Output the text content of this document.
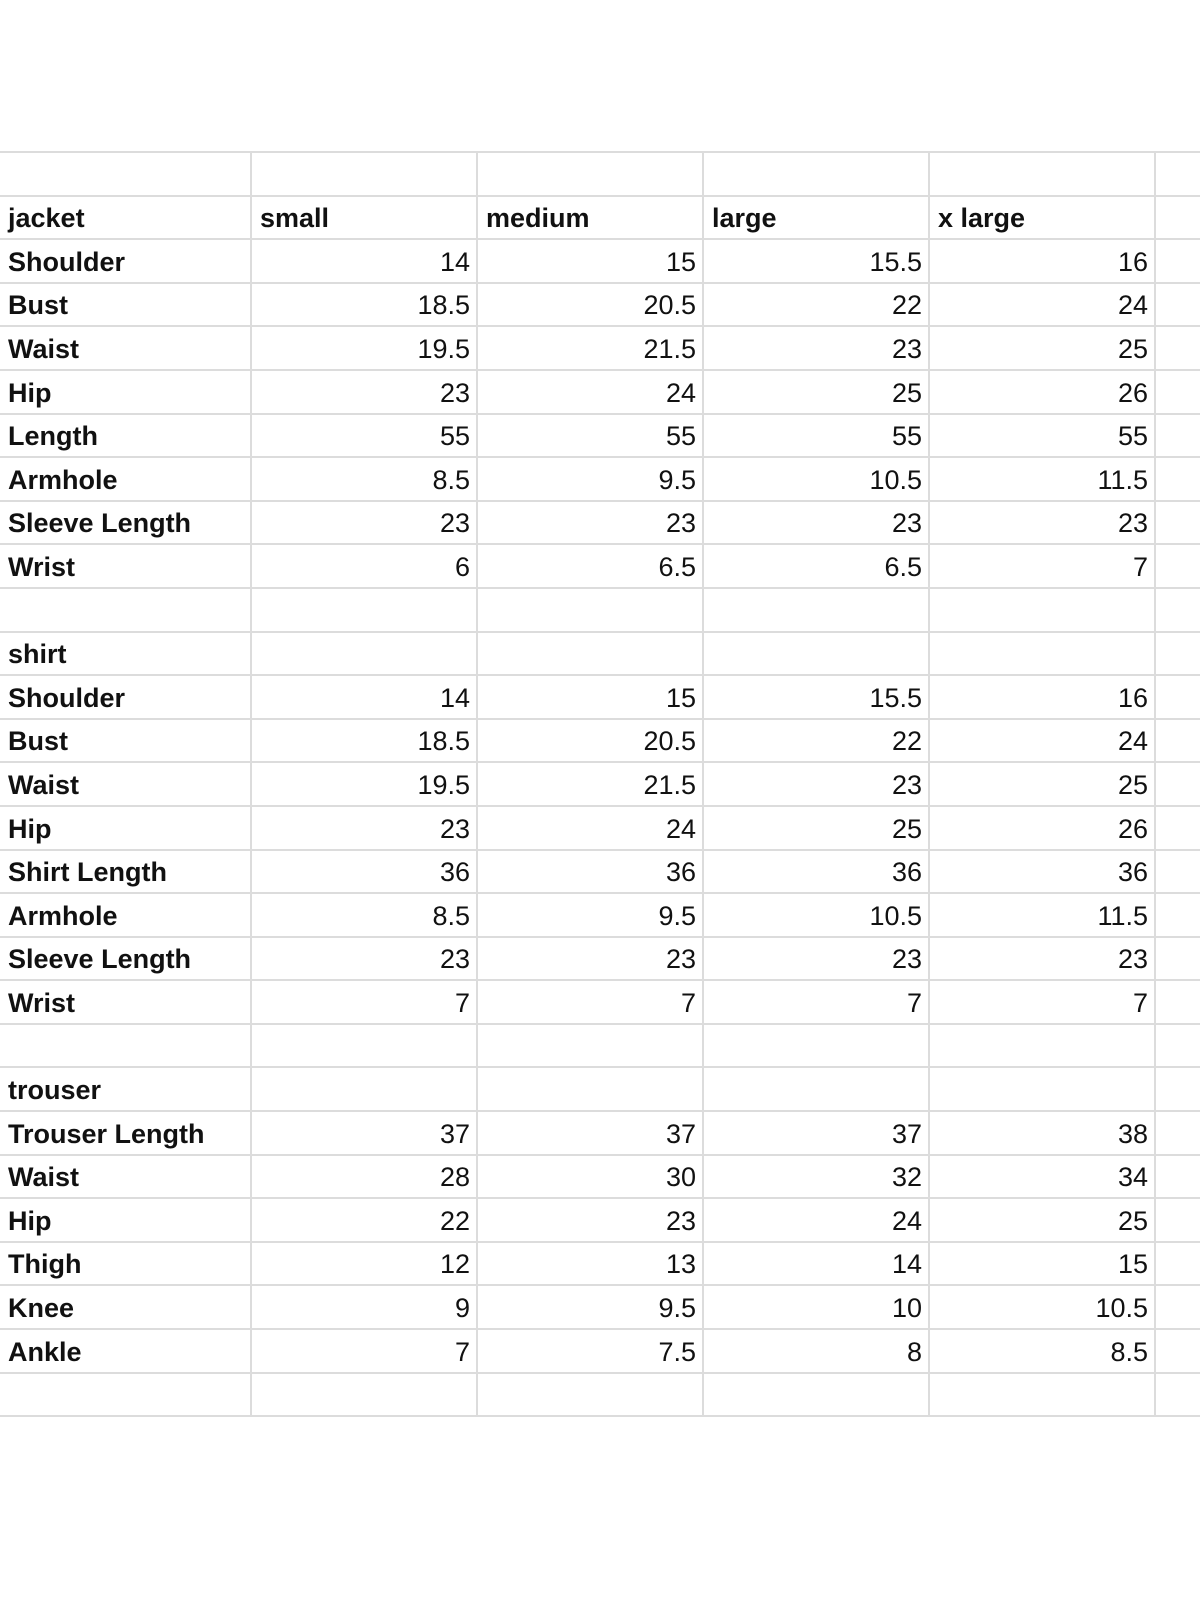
jacket	small	medium	large	x large	
Shoulder	14	15	15.5	16	
Bust	18.5	20.5	22	24	
Waist	19.5	21.5	23	25	
Hip	23	24	25	26	
Length	55	55	55	55	
Armhole	8.5	9.5	10.5	11.5	
Sleeve Length	23	23	23	23	
Wrist	6	6.5	6.5	7	

shirt					
Shoulder	14	15	15.5	16	
Bust	18.5	20.5	22	24	
Waist	19.5	21.5	23	25	
Hip	23	24	25	26	
Shirt Length	36	36	36	36	
Armhole	8.5	9.5	10.5	11.5	
Sleeve Length	23	23	23	23	
Wrist	7	7	7	7	

trouser					
Trouser Length	37	37	37	38	
Waist	28	30	32	34	
Hip	22	23	24	25	
Thigh	12	13	14	15	
Knee	9	9.5	10	10.5	
Ankle	7	7.5	8	8.5	
